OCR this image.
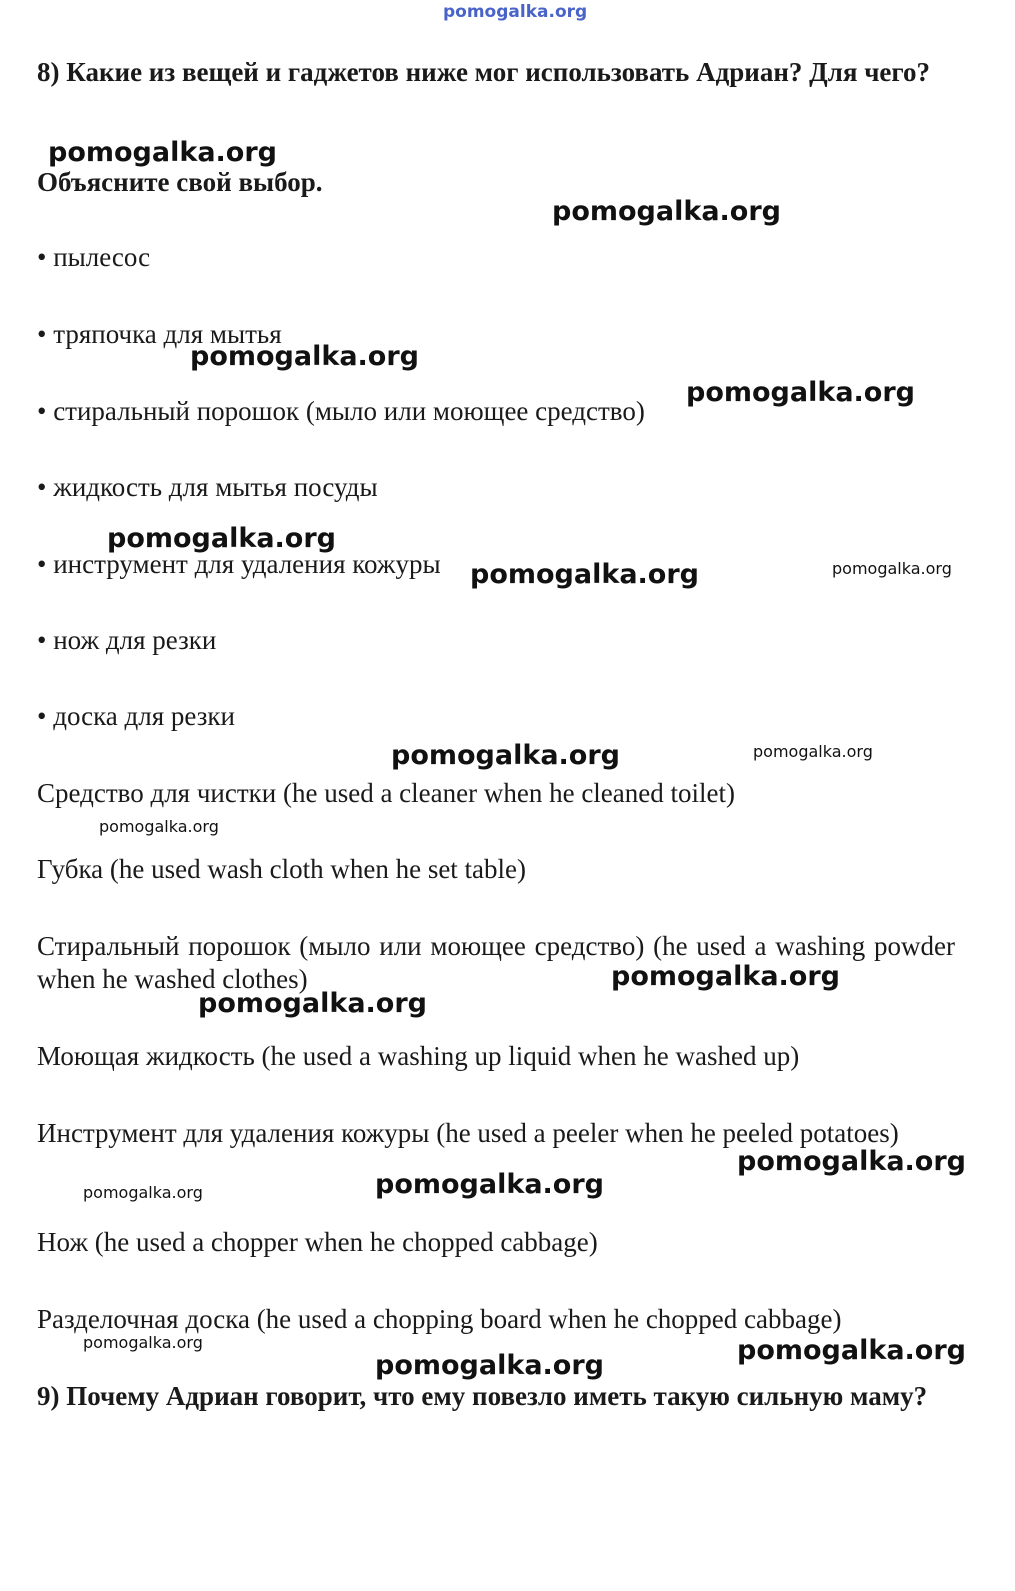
pomogalka.org

8) Какие из вещей и гаджетов ниже мог использовать Адриан? Для чего?

Объясните свой выбор.

• пылесос

• тряпочка для мытья

• стиральный порошок (мыло или моющее средство)

• жидкость для мытья посуды

• инструмент для удаления кожуры

• нож для резки

• доска для резки

Средство для чистки (he used a cleaner when he cleaned toilet)

Губка (he used wash cloth when he set table)

Стиральный порошок (мыло или моющее средство) (he used a washing powder when he washed clothes)

Моющая жидкость (he used a washing up liquid when he washed up)

Инструмент для удаления кожуры (he used a peeler when he peeled potatoes)

Нож (he used a chopper when he chopped cabbage)

Разделочная доска (he used a chopping board when he chopped cabbage)

9) Почему Адриан говорит, что ему повезло иметь такую сильную маму?

pomogalka.org
pomogalka.org
pomogalka.org
pomogalka.org
pomogalka.org
pomogalka.org	pomogalka.org
pomogalka.org	pomogalka.org
pomogalka.org
pomogalka.org
pomogalka.org
pomogalka.org
pomogalka.org	pomogalka.org
pomogalka.org	pomogalka.org
pomogalka.org
